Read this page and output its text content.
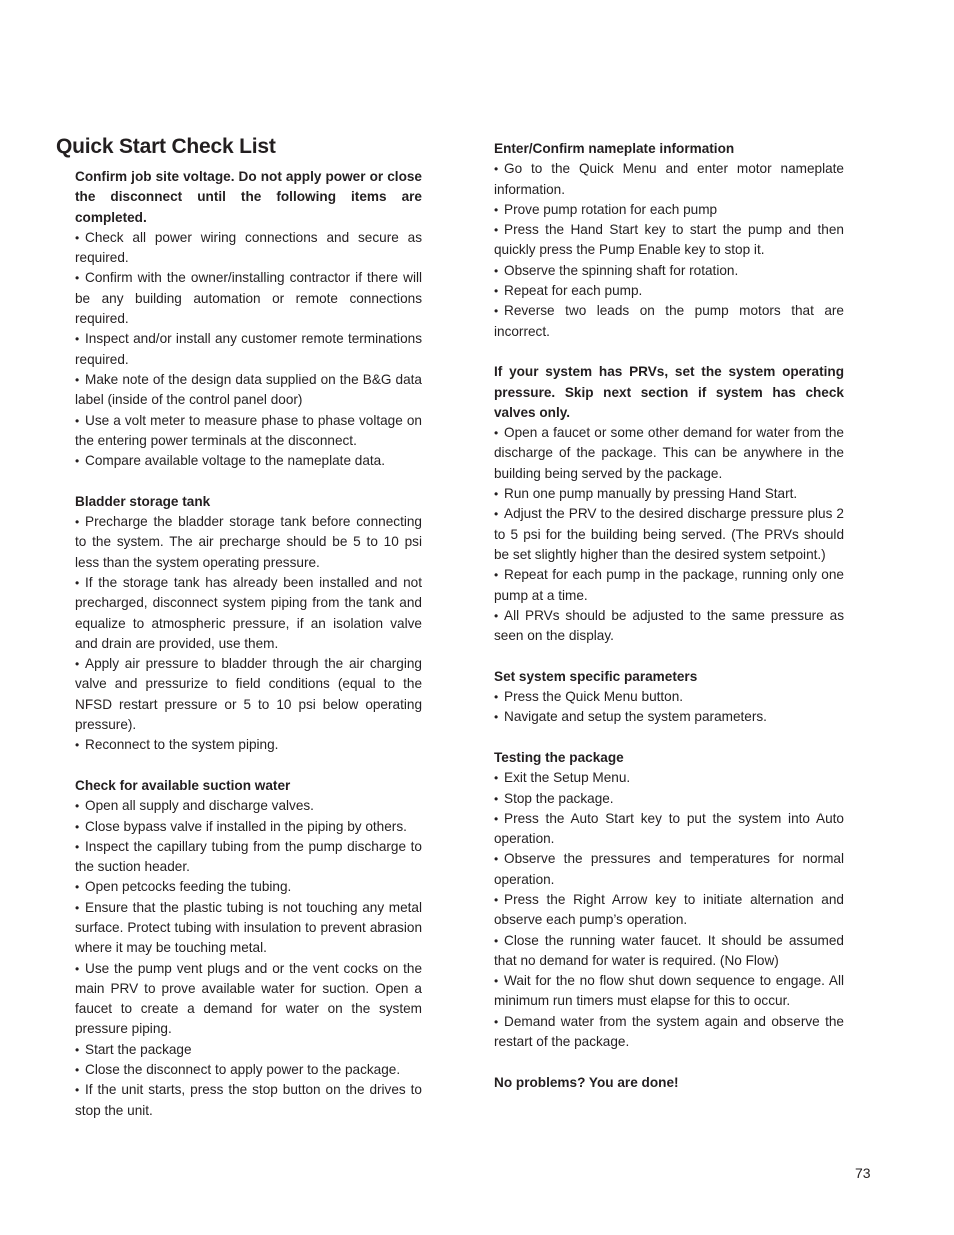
Quick Start Check List

Confirm job site voltage. Do not apply power or close the disconnect until the following items are completed.

• Check all power wiring connections and secure as required.

• Confirm with the owner/installing contractor if there will be any building automation or remote connections required.

• Inspect and/or install any customer remote terminations required.

• Make note of the design data supplied on the B&G data label (inside of the control panel door)

• Use a volt meter to measure phase to phase voltage on the entering power terminals at the disconnect.

• Compare available voltage to the nameplate data.

Bladder storage tank

• Precharge the bladder storage tank before connecting to the system. The air precharge should be 5 to 10 psi less than the system operating pressure.

• If the storage tank has already been installed and not precharged, disconnect system piping from the tank and equalize to atmospheric pressure, if an isolation valve and drain are provided, use them.

• Apply air pressure to bladder through the air charging valve and pressurize to field conditions (equal to the NFSD restart pressure or 5 to 10 psi below operating pressure).

• Reconnect to the system piping.

Check for available suction water

• Open all supply and discharge valves.

• Close bypass valve if installed in the piping by others.

• Inspect the capillary tubing from the pump discharge to the suction header.

• Open petcocks feeding the tubing.

• Ensure that the plastic tubing is not touching any metal surface. Protect tubing with insulation to prevent abrasion where it may be touching metal.

• Use the pump vent plugs and or the vent cocks on the main PRV to prove available water for suction. Open a faucet to create a demand for water on the system pressure piping.

• Start the package

• Close the disconnect to apply power to the package.

• If the unit starts, press the stop button on the drives to stop the unit.

Enter/Confirm nameplate information

• Go to the Quick Menu and enter motor nameplate information.

• Prove pump rotation for each pump

• Press the Hand Start key to start the pump and then quickly press the Pump Enable key to stop it.

• Observe the spinning shaft for rotation.

• Repeat for each pump.

• Reverse two leads on the pump motors that are incorrect.

If your system has PRVs, set the system operating pressure. Skip next section if system has check valves only.

• Open a faucet or some other demand for water from the discharge of the package. This can be anywhere in the building being served by the package.

• Run one pump manually by pressing Hand Start.

• Adjust the PRV to the desired discharge pressure plus 2 to 5 psi for the building being served. (The PRVs should be set slightly higher than the desired system setpoint.)

• Repeat for each pump in the package, running only one pump at a time.

• All PRVs should be adjusted to the same pressure as seen on the display.

Set system specific parameters

• Press the Quick Menu button.

• Navigate and setup the system parameters.

Testing the package

• Exit the Setup Menu.

• Stop the package.

• Press the Auto Start key to put the system into Auto operation.

• Observe the pressures and temperatures for normal operation.

• Press the Right Arrow key to initiate alternation and observe each pump’s operation.

• Close the running water faucet. It should be assumed that no demand for water is required. (No Flow)

• Wait for the no flow shut down sequence to engage. All minimum run timers must elapse for this to occur.

• Demand water from the system again and observe the restart of the package.

No problems? You are done!

73
